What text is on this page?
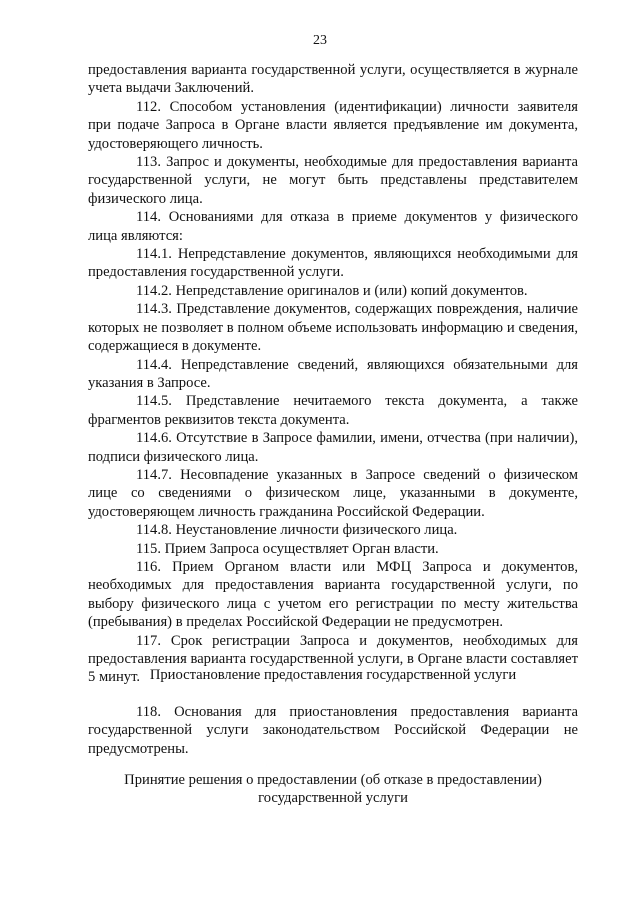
23

предоставления варианта государственной услуги, осуществляется в журнале учета выдачи Заключений.

112. Способом установления (идентификации) личности заявителя при подаче Запроса в Органе власти является предъявление им документа, удостоверяющего личность.

113. Запрос и документы, необходимые для предоставления варианта государственной услуги, не могут быть представлены представителем физического лица.

114. Основаниями для отказа в приеме документов у физического лица являются:

114.1. Непредставление документов, являющихся необходимыми для предоставления государственной услуги.

114.2. Непредставление оригиналов и (или) копий документов.

114.3. Представление документов, содержащих повреждения, наличие которых не позволяет в полном объеме использовать информацию и сведения, содержащиеся в документе.

114.4. Непредставление сведений, являющихся обязательными для указания в Запросе.

114.5. Представление нечитаемого текста документа, а также фрагментов реквизитов текста документа.

114.6. Отсутствие в Запросе фамилии, имени, отчества (при наличии), подписи физического лица.

114.7. Несовпадение указанных в Запросе сведений о физическом лице со сведениями о физическом лице, указанными в документе, удостоверяющем личность гражданина Российской Федерации.

114.8. Неустановление личности физического лица.

115. Прием Запроса осуществляет Орган власти.

116. Прием Органом власти или МФЦ Запроса и документов, необходимых для предоставления варианта государственной услуги, по выбору физического лица с учетом его регистрации по месту жительства (пребывания) в пределах Российской Федерации не предусмотрен.

117. Срок регистрации Запроса и документов, необходимых для предоставления варианта государственной услуги, в Органе власти составляет 5 минут. Приостановление предоставления государственной услуги

118. Основания для приостановления предоставления варианта государственной услуги законодательством Российской Федерации не предусмотрены.

Принятие решения о предоставлении (об отказе в предоставлении)
государственной услуги
